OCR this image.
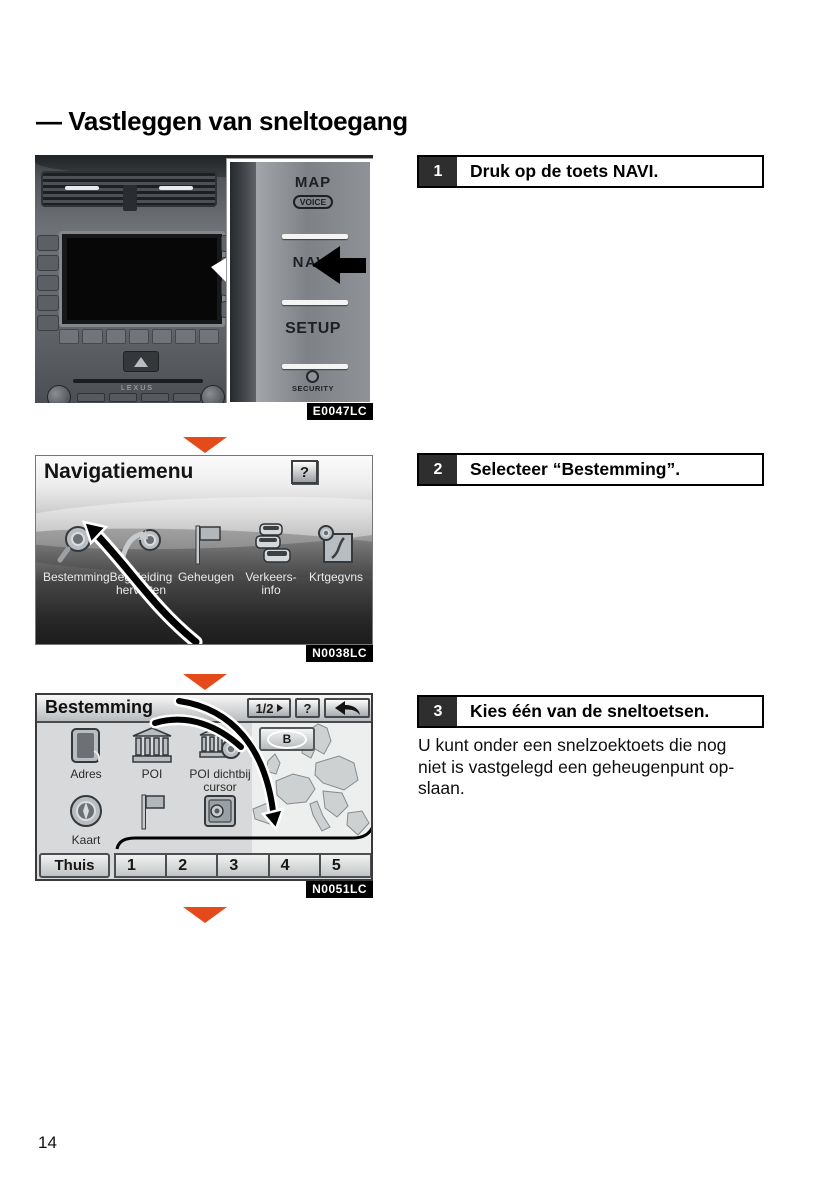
— Vastleggen van sneltoegang
LEXUS
MAP
VOICE
NAVI
SETUP
SECURITY
E0047LC
Navigatiemenu	?
Bestemming Begeleiding
hervatten
Geheugen Verkeers-
info
Krtgegvns
N0038LC
Bestemming	1/2	?
B
Adres	POI	POI dichtbij
cursor
Kaart
Thuis	1	2	3	4	5
N0051LC
1	Druk op de toets NAVI.
2	Selecteer “Bestemming”.
3	Kies één van de sneltoetsen.
U kunt onder een snelzoektoets die nog
niet is vastgelegd een geheugenpunt op-
slaan.
14
